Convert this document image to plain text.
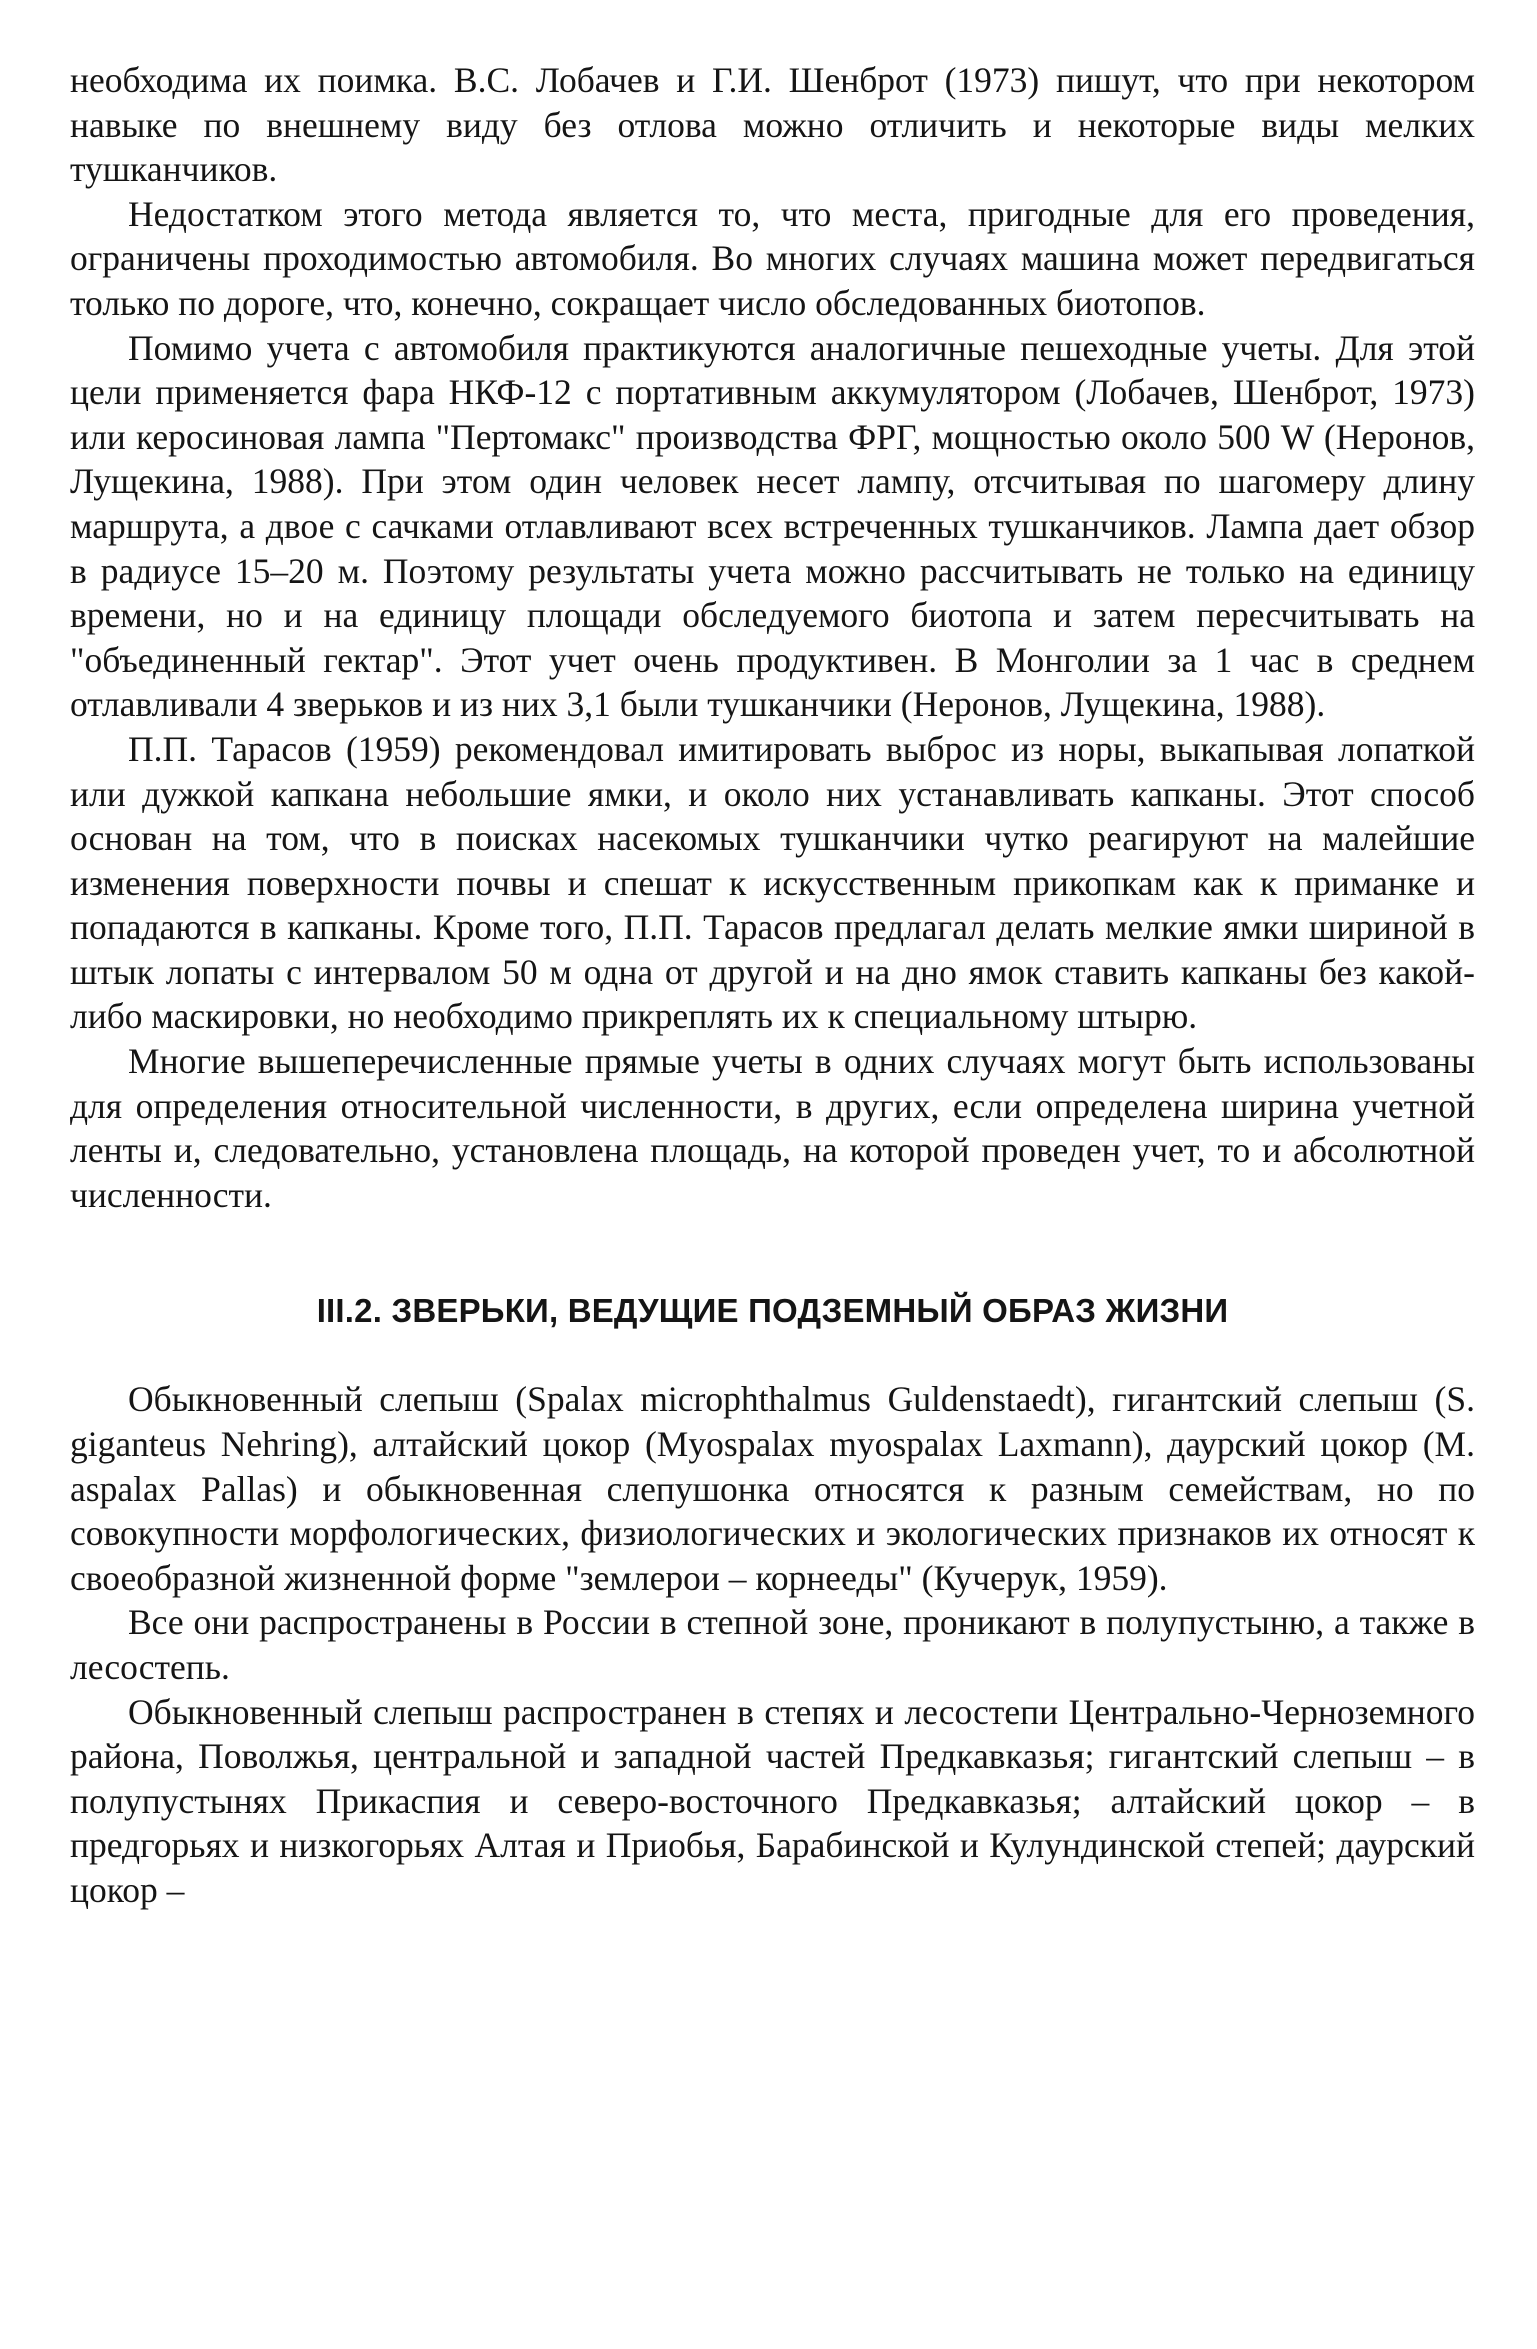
необходима их поимка. В.С. Лобачев и Г.И. Шенброт (1973) пишут, что при некотором навыке по внешнему виду без отлова можно отличить и некоторые виды мелких тушканчиков.

Недостатком этого метода является то, что места, пригодные для его проведения, ограничены проходимостью автомобиля. Во многих случаях машина может передвигаться только по дороге, что, конечно, сокращает число обследованных биотопов.

Помимо учета с автомобиля практикуются аналогичные пешеходные учеты. Для этой цели применяется фара НКФ-12 с портативным аккумулятором (Лобачев, Шенброт, 1973) или керосиновая лампа "Пертомакс" производства ФРГ, мощностью около 500 W (Неронов, Лущекина, 1988). При этом один человек несет лампу, отсчитывая по шагомеру длину маршрута, а двое с сачками отлавливают всех встреченных тушканчиков. Лампа дает обзор в радиусе 15–20 м. Поэтому результаты учета можно рассчитывать не только на единицу времени, но и на единицу площади обследуемого биотопа и затем пересчитывать на "объединенный гектар". Этот учет очень продуктивен. В Монголии за 1 час в среднем отлавливали 4 зверьков и из них 3,1 были тушканчики (Неронов, Лущекина, 1988).

П.П. Тарасов (1959) рекомендовал имитировать выброс из норы, выкапывая лопаткой или дужкой капкана небольшие ямки, и около них устанавливать капканы. Этот способ основан на том, что в поисках насекомых тушканчики чутко реагируют на малейшие изменения поверхности почвы и спешат к искусственным прикопкам как к приманке и попадаются в капканы. Кроме того, П.П. Тарасов предлагал делать мелкие ямки шириной в штык лопаты с интервалом 50 м одна от другой и на дно ямок ставить капканы без какой-либо маскировки, но необходимо прикреплять их к специальному штырю.

Многие вышеперечисленные прямые учеты в одних случаях могут быть использованы для определения относительной численности, в других, если определена ширина учетной ленты и, следовательно, установлена площадь, на которой проведен учет, то и абсолютной численности.

III.2. ЗВЕРЬКИ, ВЕДУЩИЕ ПОДЗЕМНЫЙ ОБРАЗ ЖИЗНИ

Обыкновенный слепыш (Spalax microphthalmus Guldenstaedt), гигантский слепыш (S. giganteus Nehring), алтайский цокор (Myospalax myospalax Laxmann), даурский цокор (M. aspalax Pallas) и обыкновенная слепушонка относятся к разным семействам, но по совокупности морфологических, физиологических и экологических признаков их относят к своеобразной жизненной форме "землерои – корнееды" (Кучерук, 1959).

Все они распространены в России в степной зоне, проникают в полупустыню, а также в лесостепь.

Обыкновенный слепыш распространен в степях и лесостепи Центрально-Черноземного района, Поволжья, центральной и западной частей Предкавказья; гигантский слепыш – в полупустынях Прикаспия и северо-восточного Предкавказья; алтайский цокор – в предгорьях и низкогорьях Алтая и Приобья, Барабинской и Кулундинской степей; даурский цокор –
